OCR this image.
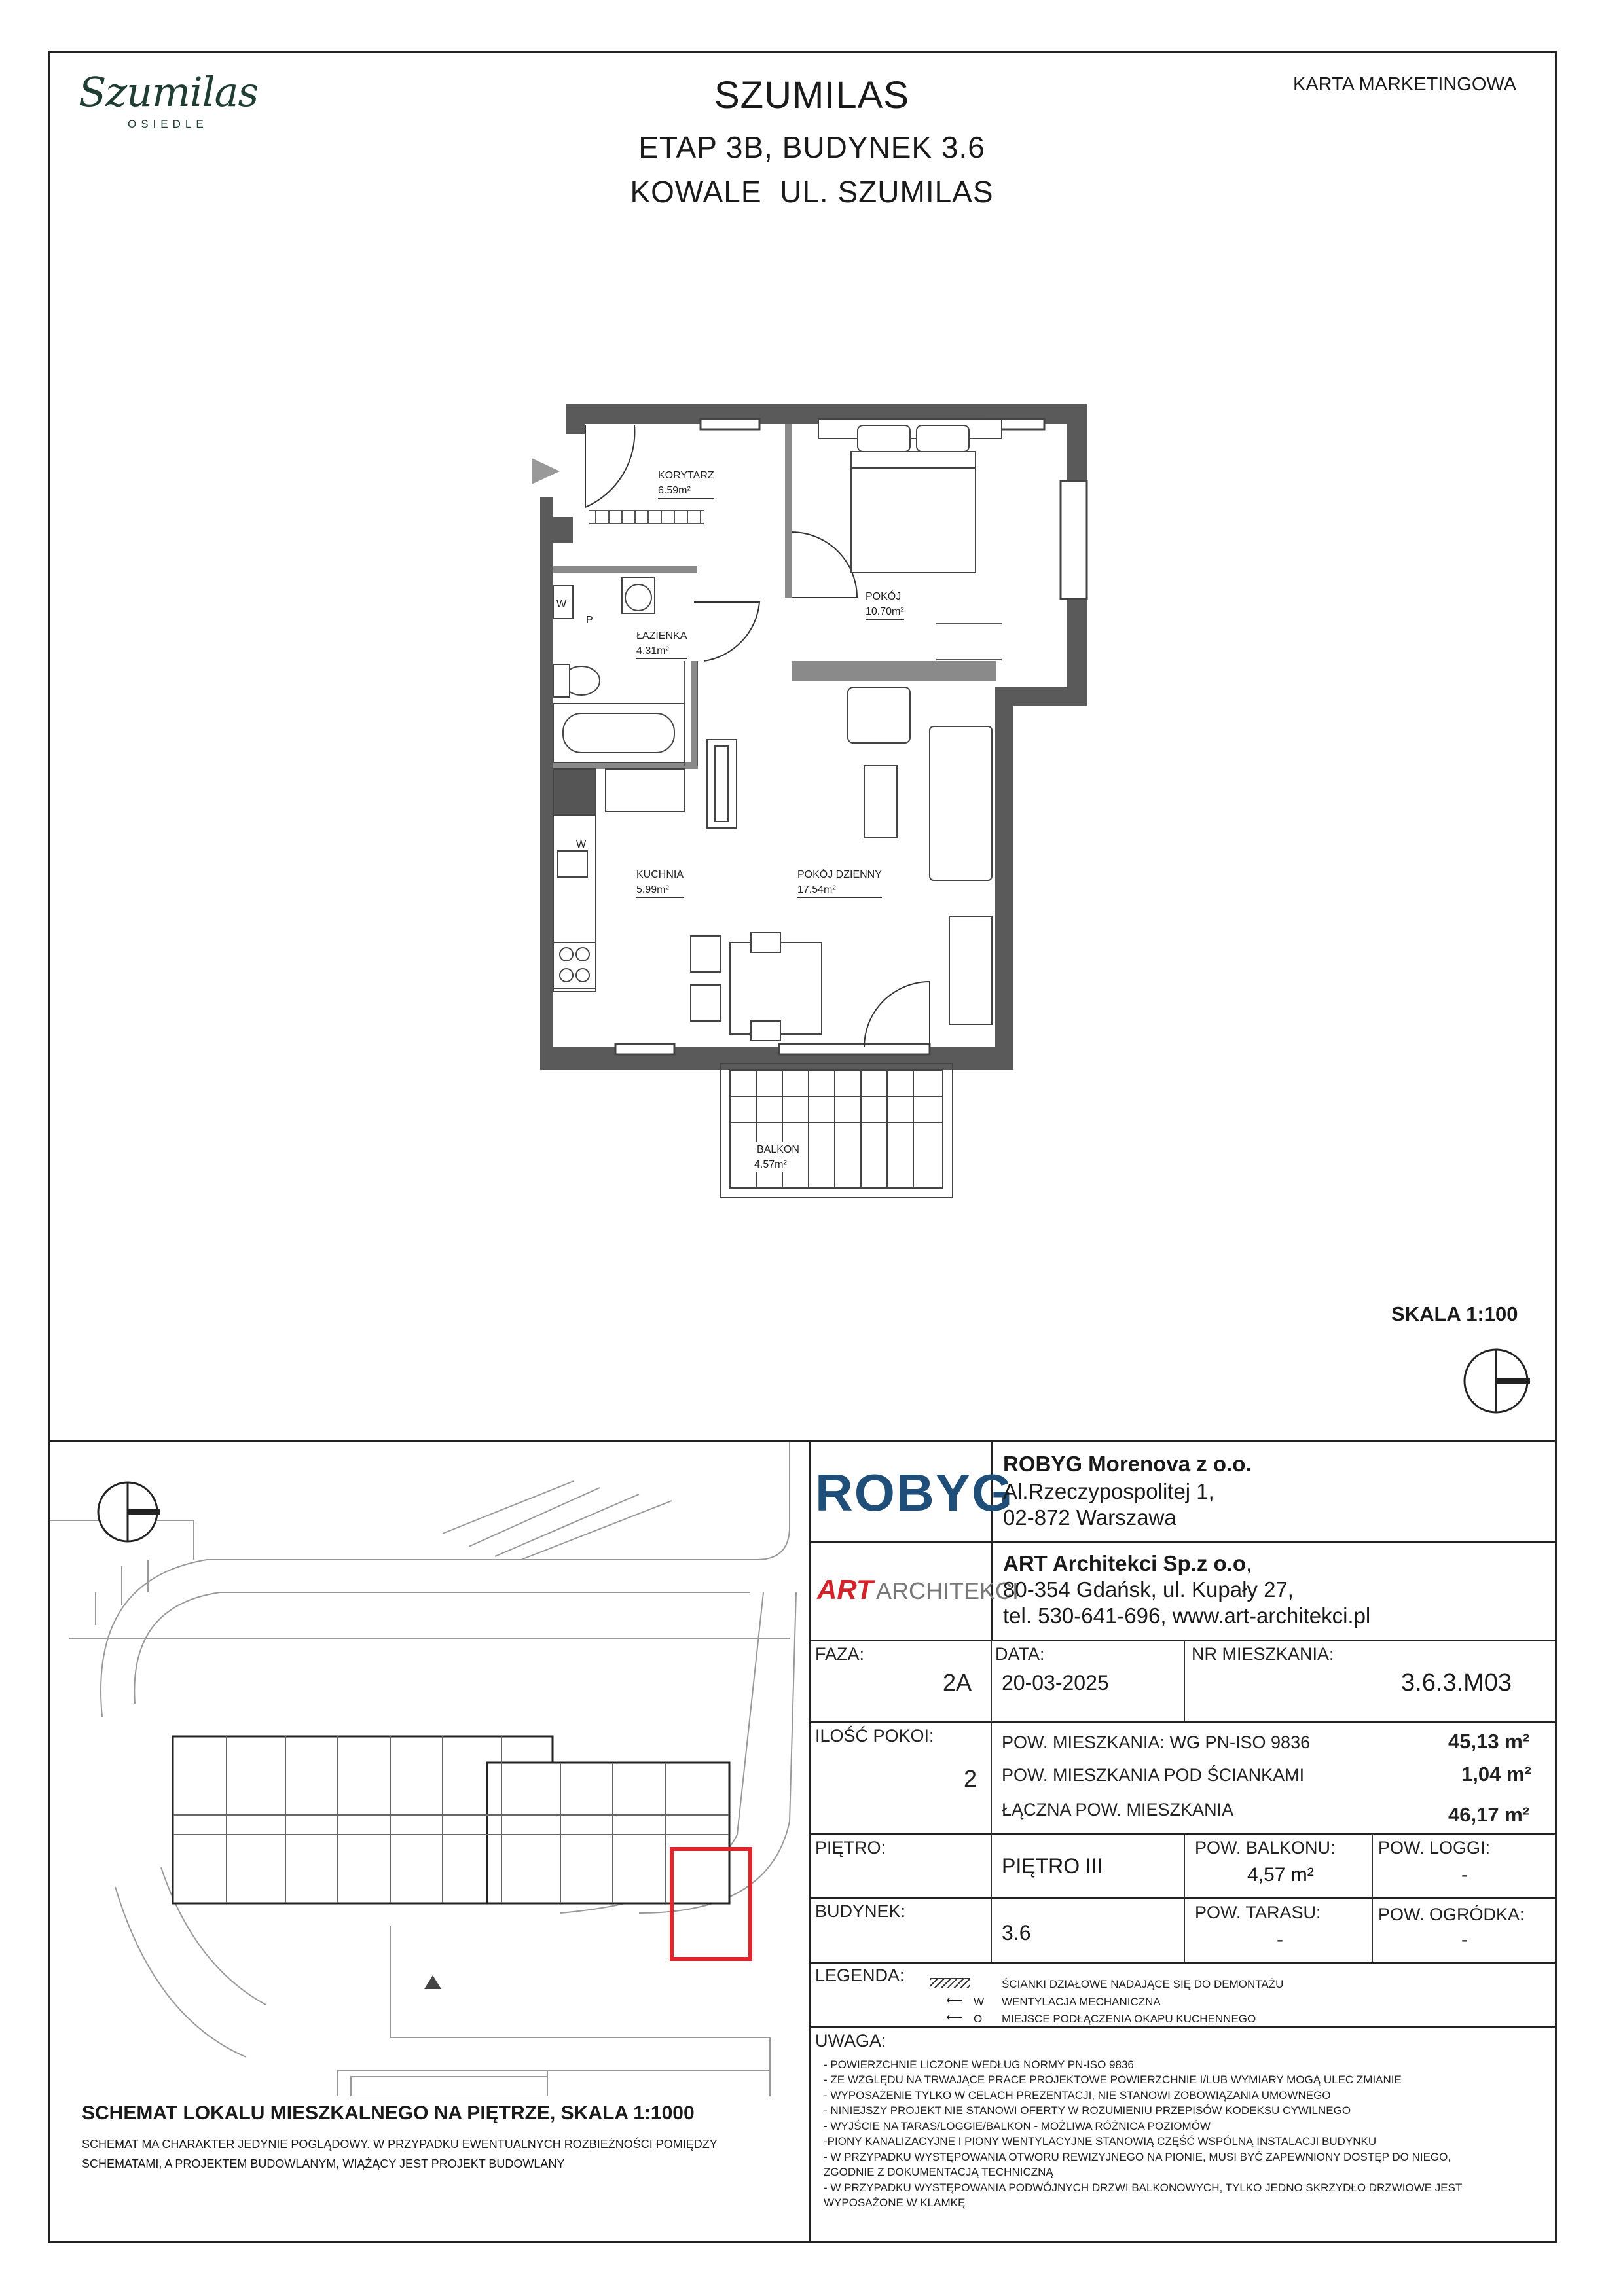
Szumilas
OSIEDLE
SZUMILAS
ETAP 3B, BUDYNEK 3.6
KOWALE  UL. SZUMILAS
KARTA MARKETINGOWA
W
W
P
KORYTARZ
6.59m²
POKÓJ
10.70m²
ŁAZIENKA
4.31m²
KUCHNIA
5.99m²
POKÓJ DZIENNY
17.54m²
BALKON
4.57m²
SKALA 1:100
SCHEMAT LOKALU MIESZKALNEGO NA PIĘTRZE, SKALA 1:1000
SCHEMAT MA CHARAKTER JEDYNIE POGLĄDOWY. W PRZYPADKU EWENTUALNYCH ROZBIEŻNOŚCI POMIĘDZY
SCHEMATAMI, A PROJEKTEM BUDOWLANYM, WIĄŻĄCY JEST PROJEKT BUDOWLANY
ROBYG
ROBYG Morenova z o.o.
Al.Rzeczypospolitej 1,
02-872 Warszawa
ART ARCHITEKCI
ART Architekci Sp.z o.o,
80-354 Gdańsk, ul. Kupały 27,
tel. 530-641-696, www.art-architekci.pl
FAZA:
2A
DATA:
20-03-2025
NR MIESZKANIA:
3.6.3.M03
ILOŚĆ POKOI:
2
POW. MIESZKANIA: WG PN-ISO 9836	45,13 m²
POW. MIESZKANIA POD ŚCIANKAMI	1,04 m²
ŁĄCZNA POW. MIESZKANIA	46,17 m²
PIĘTRO:
PIĘTRO III
POW. BALKONU:
4,57 m²
POW. LOGGI:
-
BUDYNEK:
3.6
POW. TARASU:
-
POW. OGRÓDKA:
-
LEGENDA:	ŚCIANKI DZIAŁOWE NADAJĄCE SIĘ DO DEMONTAŻU
⟵ W WENTYLACJA MECHANICZNA
⟵ O MIEJSCE PODŁĄCZENIA OKAPU KUCHENNEGO
UWAGA:
- POWIERZCHNIE LICZONE WEDŁUG NORMY PN-ISO 9836
- ZE WZGLĘDU NA TRWAJĄCE PRACE PROJEKTOWE POWIERZCHNIE I/LUB WYMIARY MOGĄ ULEC ZMIANIE
- WYPOSAŻENIE TYLKO W CELACH PREZENTACJI, NIE STANOWI ZOBOWIĄZANIA UMOWNEGO
- NINIEJSZY PROJEKT NIE STANOWI OFERTY W ROZUMIENIU PRZEPISÓW KODEKSU CYWILNEGO
- WYJŚCIE NA TARAS/LOGGIE/BALKON - MOŻLIWA RÓŻNICA POZIOMÓW
-PIONY KANALIZACYJNE I PIONY WENTYLACYJNE STANOWIĄ CZĘŚĆ WSPÓLNĄ INSTALACJI BUDYNKU
- W PRZYPADKU WYSTĘPOWANIA OTWORU REWIZYJNEGO NA PIONIE, MUSI BYĆ ZAPEWNIONY DOSTĘP DO NIEGO,
ZGODNIE Z DOKUMENTACJĄ TECHNICZNĄ
- W PRZYPADKU WYSTĘPOWANIA PODWÓJNYCH DRZWI BALKONOWYCH, TYLKO JEDNO SKRZYDŁO DRZWIOWE JEST
WYPOSAŻONE W KLAMKĘ
